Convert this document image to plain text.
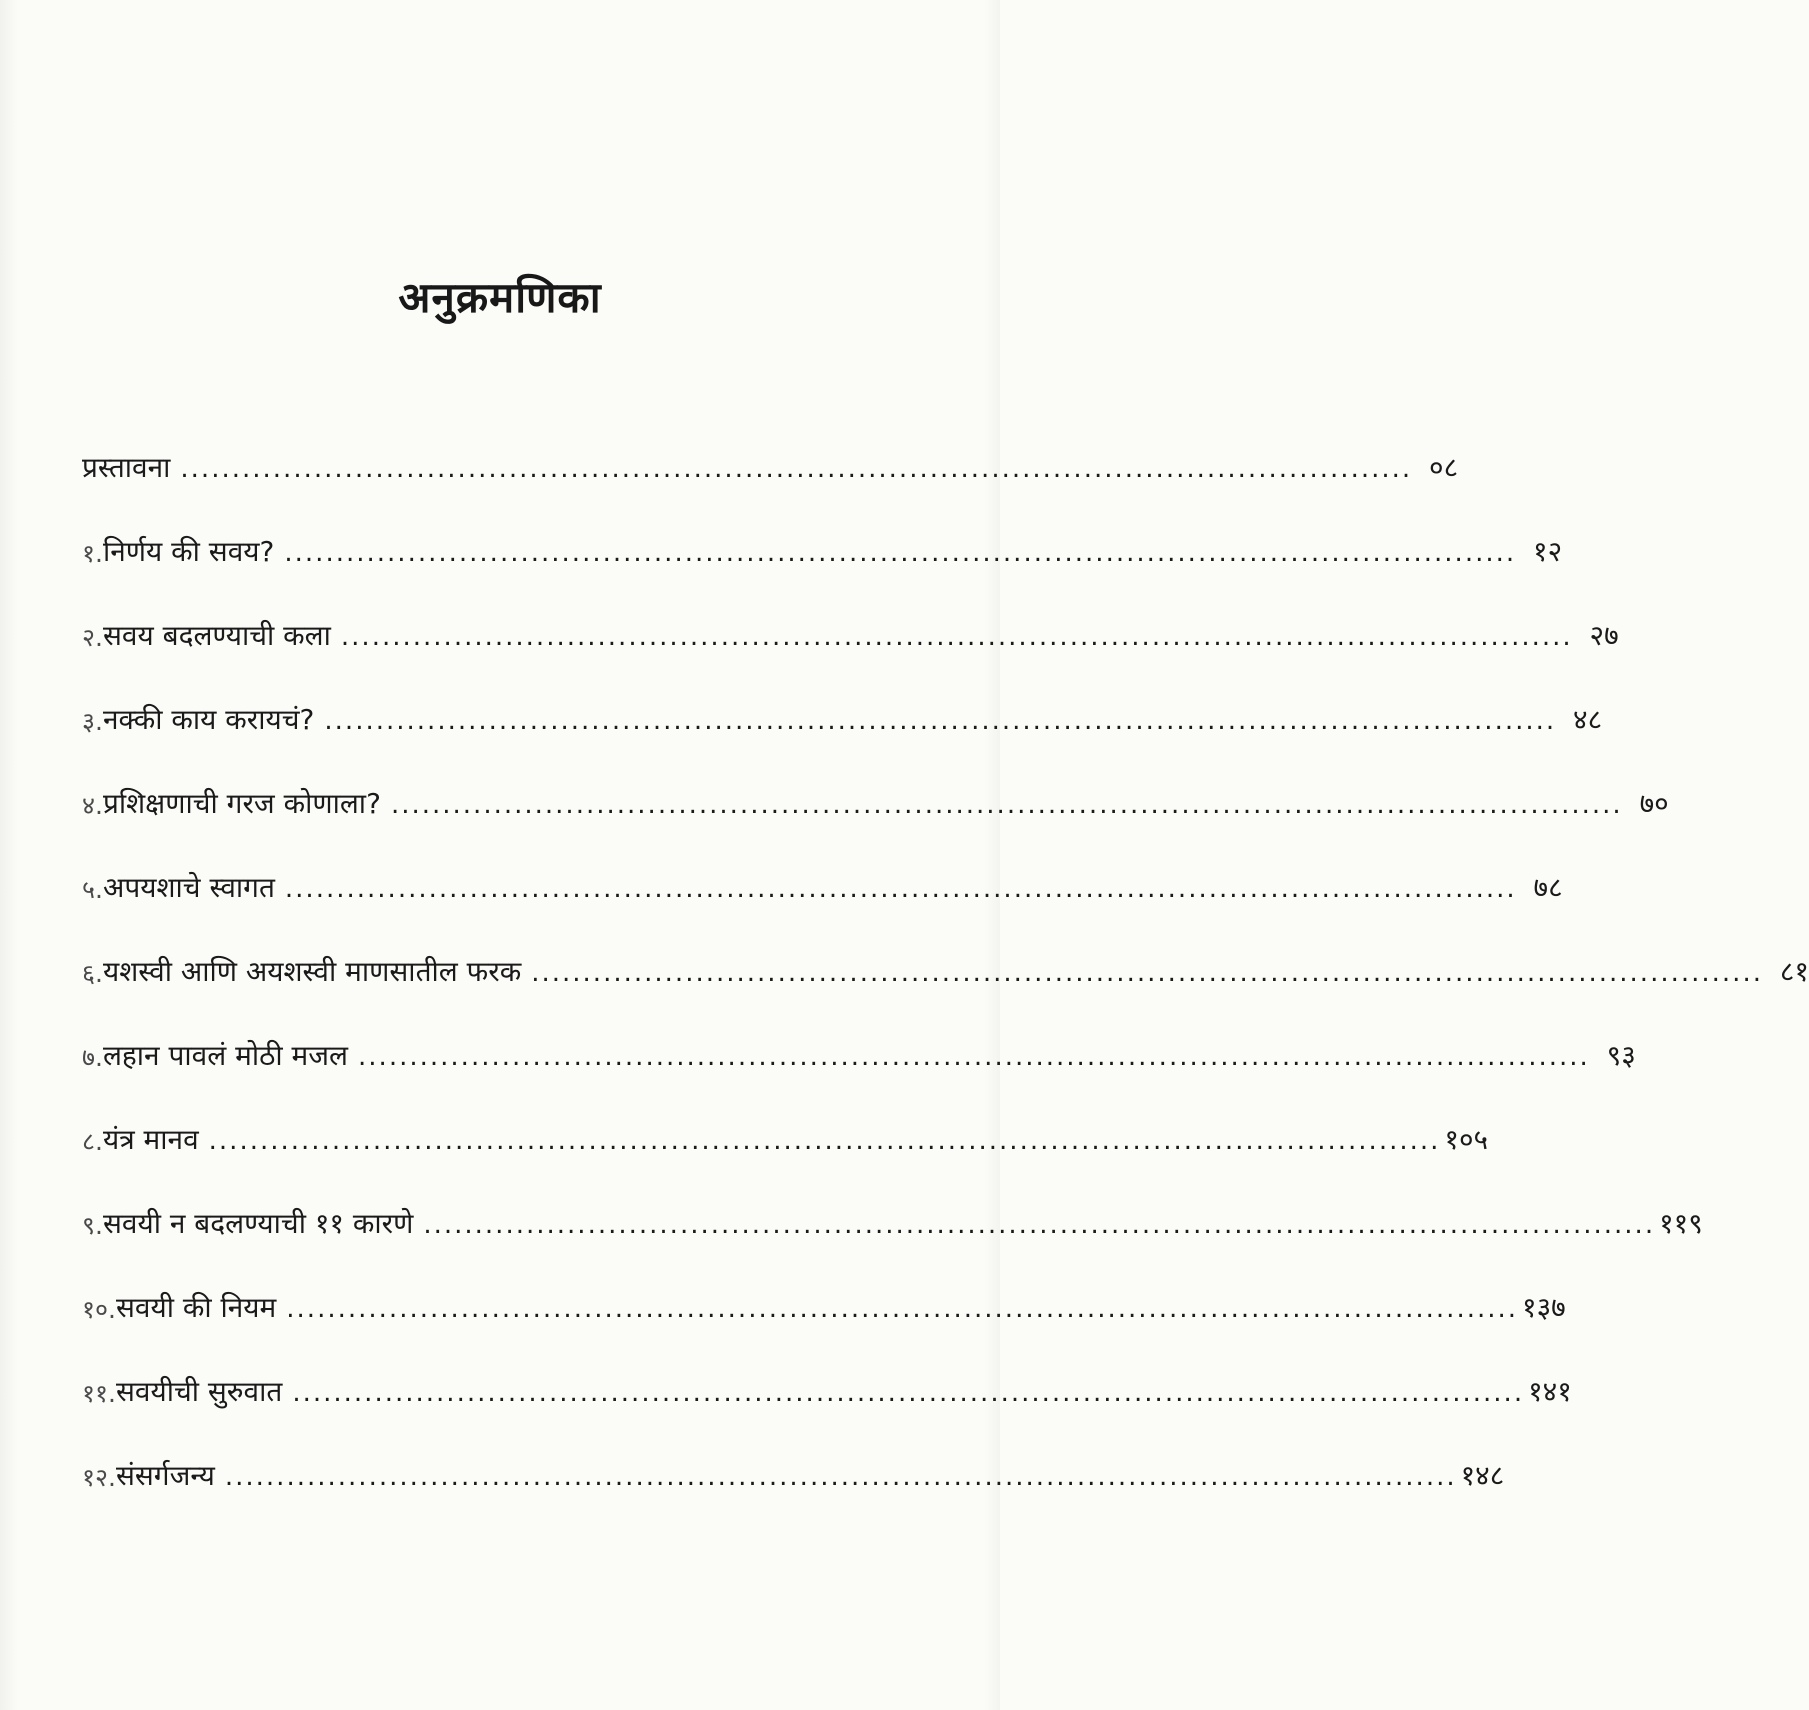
अनुक्रमणिका
प्रस्तावना ........................................................................................................................ ०८
१. निर्णय की सवय? ........................................................................................................................ १२
२. सवय बदलण्याची कला ........................................................................................................................ २७
३. नक्की काय करायचं? ........................................................................................................................ ४८
४. प्रशिक्षणाची गरज कोणाला? ........................................................................................................................ ७०
५. अपयशाचे स्वागत ........................................................................................................................ ७८
६. यशस्वी आणि अयशस्वी माणसातील फरक ........................................................................................................................ ८१
७. लहान पावलं मोठी मजल ........................................................................................................................ ९३
८. यंत्र मानव ........................................................................................................................ १०५
९. सवयी न बदलण्याची ११ कारणे ........................................................................................................................ ११९
१०. सवयी की नियम ........................................................................................................................ १३७
११. सवयीची सुरुवात ........................................................................................................................ १४१
१२. संसर्गजन्य ........................................................................................................................ १४८
